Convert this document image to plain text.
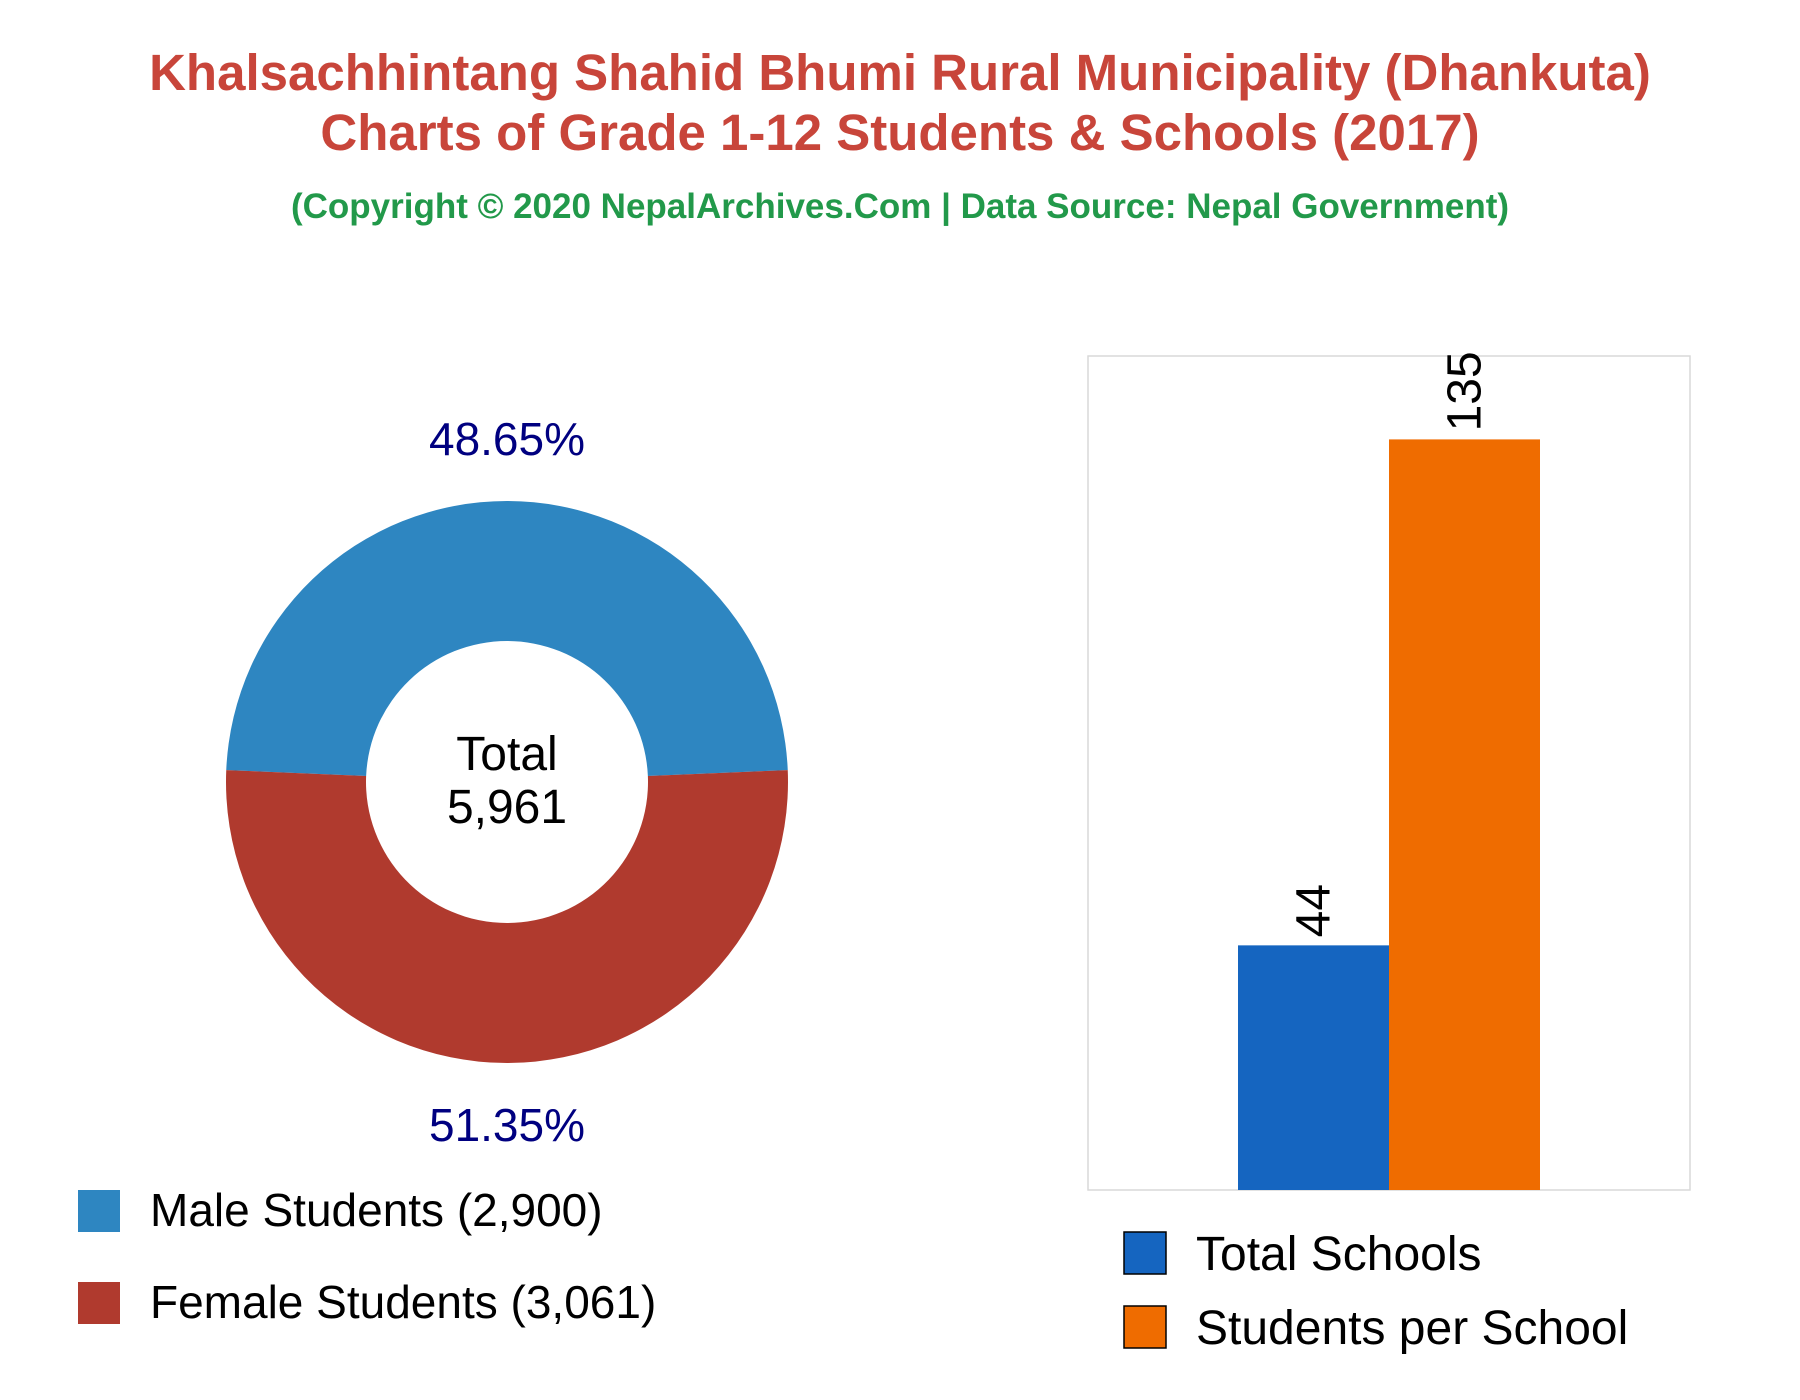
Khalsachhintang Shahid Bhumi Rural Municipality (Dhankuta)
Charts of Grade 1-12 Students & Schools (2017)
(Copyright © 2020 NepalArchives.Com | Data Source: Nepal Government)
48.65%
51.35%
Total
5,961
Male Students (2,900)
Female Students (3,061)
44
135
Total Schools
Students per School
